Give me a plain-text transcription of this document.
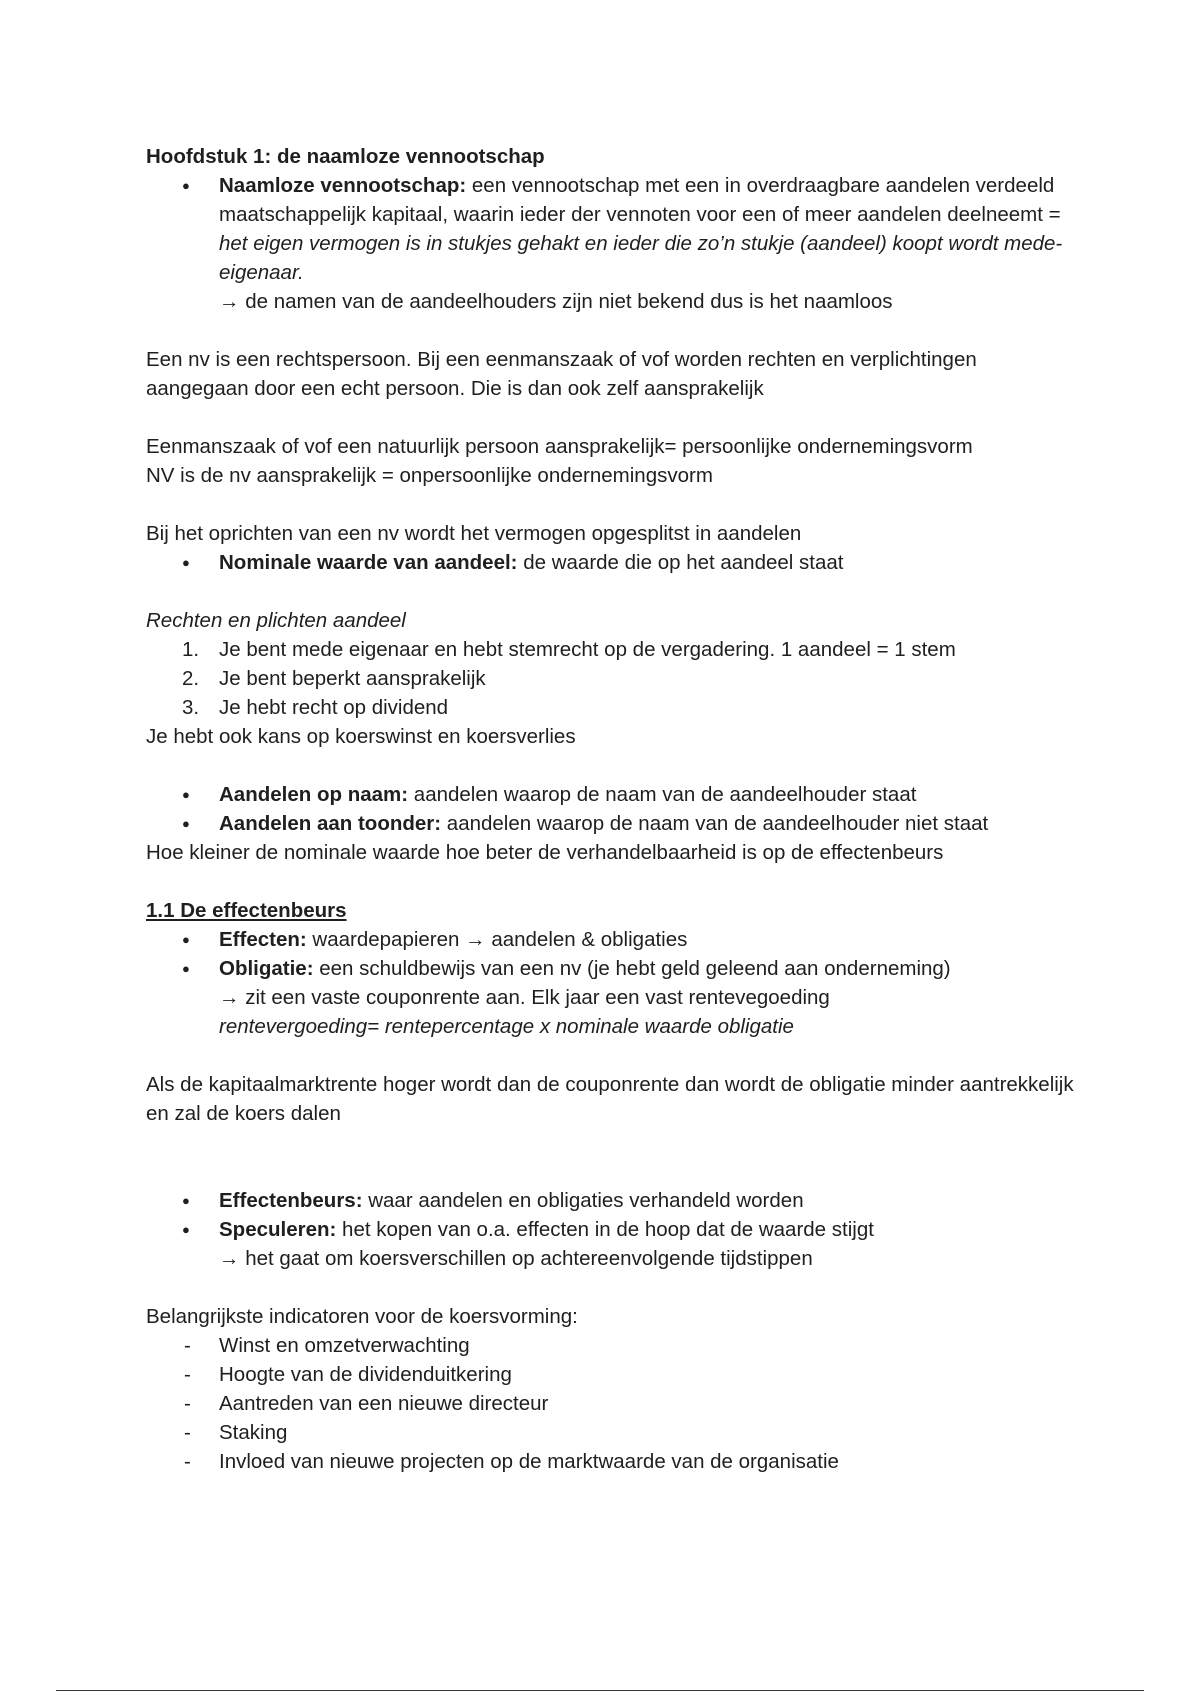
Hoofdstuk 1: de naamloze vennootschap
● Naamloze vennootschap: een vennootschap met een in overdraagbare aandelen verdeeld maatschappelijk kapitaal, waarin ieder der vennoten voor een of meer aandelen deelneemt = het eigen vermogen is in stukjes gehakt en ieder die zo’n stukje (aandeel) koopt wordt mede-eigenaar.
→ de namen van de aandeelhouders zijn niet bekend dus is het naamloos
Een nv is een rechtspersoon. Bij een eenmanszaak of vof worden rechten en verplichtingen aangegaan door een echt persoon. Die is dan ook zelf aansprakelijk
Eenmanszaak of vof een natuurlijk persoon aansprakelijk= persoonlijke ondernemingsvorm
NV is de nv aansprakelijk = onpersoonlijke ondernemingsvorm
Bij het oprichten van een nv wordt het vermogen opgesplitst in aandelen
● Nominale waarde van aandeel: de waarde die op het aandeel staat
Rechten en plichten aandeel
1. Je bent mede eigenaar en hebt stemrecht op de vergadering. 1 aandeel = 1 stem
2. Je bent beperkt aansprakelijk
3. Je hebt recht op dividend
Je hebt ook kans op koerswinst en koersverlies
● Aandelen op naam: aandelen waarop de naam van de aandeelhouder staat
● Aandelen aan toonder: aandelen waarop de naam van de aandeelhouder niet staat
Hoe kleiner de nominale waarde hoe beter de verhandelbaarheid is op de effectenbeurs
1.1 De effectenbeurs
● Effecten: waardepapieren → aandelen & obligaties
● Obligatie: een schuldbewijs van een nv (je hebt geld geleend aan onderneming)
→ zit een vaste couponrente aan. Elk jaar een vast rentevegoeding
rentevergoeding= rentepercentage x nominale waarde obligatie
Als de kapitaalmarktrente hoger wordt dan de couponrente dan wordt de obligatie minder aantrekkelijk en zal de koers dalen
● Effectenbeurs: waar aandelen en obligaties verhandeld worden
● Speculeren: het kopen van o.a. effecten in de hoop dat de waarde stijgt
→ het gaat om koersverschillen op achtereenvolgende tijdstippen
Belangrijkste indicatoren voor de koersvorming:
- Winst en omzetverwachting
- Hoogte van de dividenduitkering
- Aantreden van een nieuwe directeur
- Staking
- Invloed van nieuwe projecten op de marktwaarde van de organisatie
